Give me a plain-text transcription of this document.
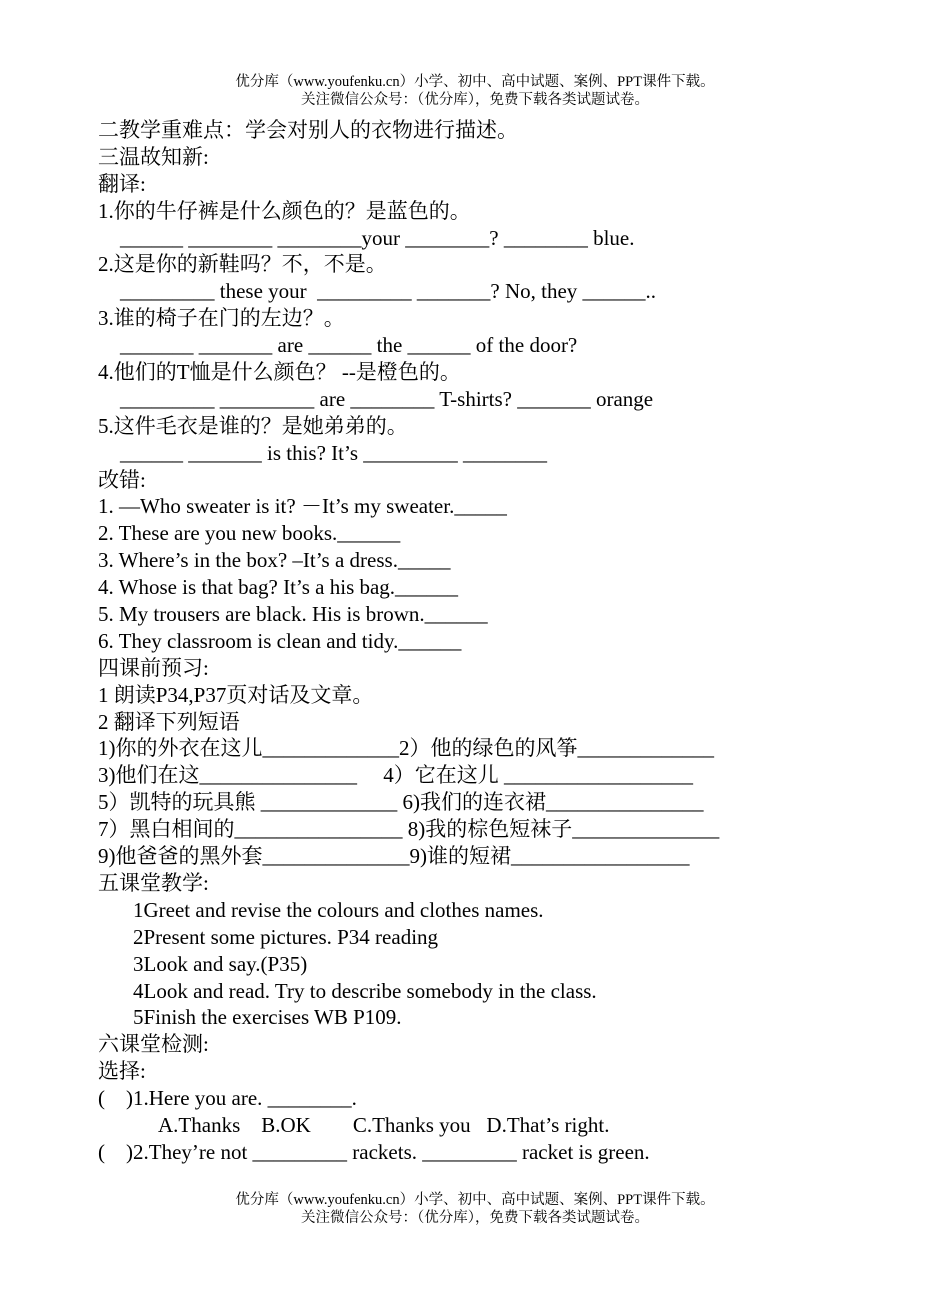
优分库（www.youfenku.cn）小学、初中、高中试题、案例、PPT课件下载。
关注微信公众号：（优分库），免费下载各类试题试卷。
二教学重难点：学会对别人的衣物进行描述。
三温故知新:
翻译:
1.你的牛仔裤是什么颜色的？是蓝色的。
______ ________ ________your ________? ________ blue.
2.这是你的新鞋吗？不，不是。
_________ these your  _________ _______? No, they ______..
3.谁的椅子在门的左边？。
_______ _______ are ______ the ______ of the door?
4.他们的T恤是什么颜色？ --是橙色的。
_________ _________ are ________ T-shirts? _______ orange
5.这件毛衣是谁的？是她弟弟的。
______ _______ is this? It’s _________ ________
改错:
1. —Who sweater is it? －It’s my sweater._____
2. These are you new books.______
3. Where’s in the box? –It’s a dress._____
4. Whose is that bag? It’s a his bag.______
5. My trousers are black. His is brown.______
6. They classroom is clean and tidy.______
四课前预习:
1 朗读P34,P37页对话及文章。
2 翻译下列短语
1)你的外衣在这儿_____________2）他的绿色的风筝_____________
3)他们在这_______________     4）它在这儿 __________________
5）凯特的玩具熊 _____________ 6)我们的连衣裙_______________
7）黑白相间的________________ 8)我的棕色短袜子______________
9)他爸爸的黑外套______________9)谁的短裙_________________
五课堂教学:
1Greet and revise the colours and clothes names.
2Present some pictures. P34 reading
3Look and say.(P35)
4Look and read. Try to describe somebody in the class.
5Finish the exercises WB P109.
六课堂检测:
选择:
(    )1.Here you are. ________.
A.Thanks    B.OK        C.Thanks you   D.That’s right.
(    )2.They’re not _________ rackets. _________ racket is green.
优分库（www.youfenku.cn）小学、初中、高中试题、案例、PPT课件下载。
关注微信公众号：（优分库），免费下载各类试题试卷。
